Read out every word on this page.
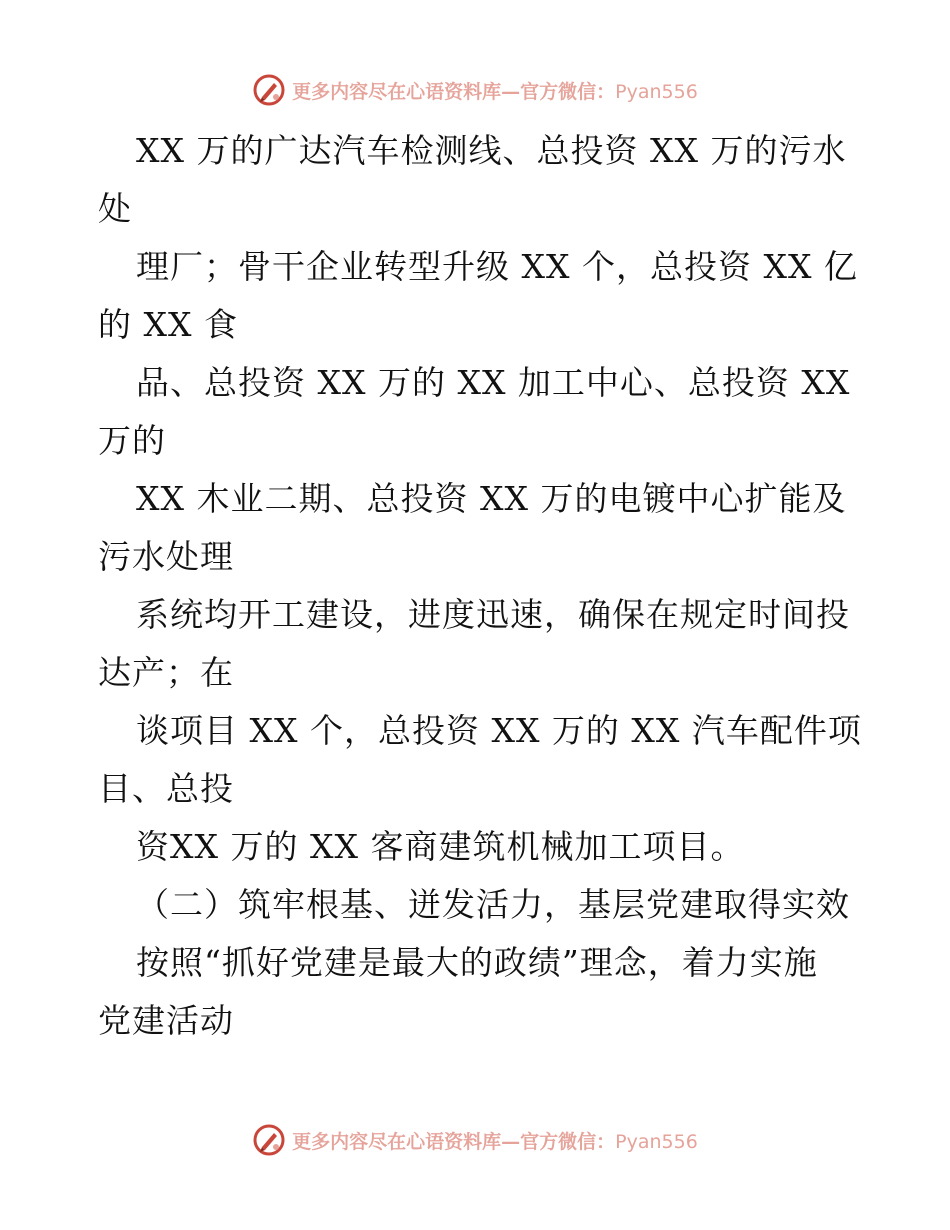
更多内容尽在心语资料库—官方微信：Pyan556
XX 万的广达汽车检测线、总投资 XX 万的污水
处
理厂；骨干企业转型升级 XX 个，总投资 XX 亿
的 XX 食
品、总投资 XX 万的 XX 加工中心、总投资 XX
万的
XX 木业二期、总投资 XX 万的电镀中心扩能及
污水处理
系统均开工建设，进度迅速，确保在规定时间投
达产；在
谈项目 XX 个，总投资 XX 万的 XX 汽车配件项
目、总投
资XX 万的 XX 客商建筑机械加工项目。
（二）筑牢根基、迸发活力，基层党建取得实效
按照“抓好党建是最大的政绩”理念，着力实施
党建活动
更多内容尽在心语资料库—官方微信：Pyan556
